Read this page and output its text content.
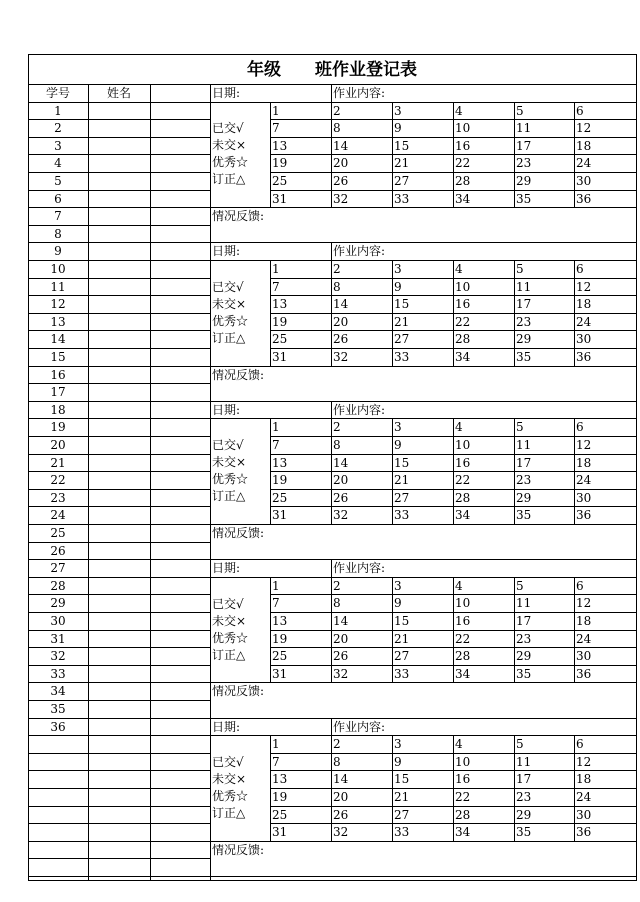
年级　　班作业登记表
学号	姓名
1
2
3
4
5
6
7
8
9
10
11
12
13
14
15
16
17
18
19
20
21
22
23
24
25
26
27
28
29
30
31
32
33
34
35
36
日期:	作业内容:
1	2	3	4	5	6
7	8	9	10	11	12
13	14	15	16	17	18
19	20	21	22	23	24
25	26	27	28	29	30
31	32	33	34	35	36
已交√
未交×
优秀☆
订正△
情况反馈:
日期:	作业内容:
1	2	3	4	5	6
7	8	9	10	11	12
13	14	15	16	17	18
19	20	21	22	23	24
25	26	27	28	29	30
31	32	33	34	35	36
已交√
未交×
优秀☆
订正△
情况反馈:
日期:	作业内容:
1	2	3	4	5	6
7	8	9	10	11	12
13	14	15	16	17	18
19	20	21	22	23	24
25	26	27	28	29	30
31	32	33	34	35	36
已交√
未交×
优秀☆
订正△
情况反馈:
日期:	作业内容:
1	2	3	4	5	6
7	8	9	10	11	12
13	14	15	16	17	18
19	20	21	22	23	24
25	26	27	28	29	30
31	32	33	34	35	36
已交√
未交×
优秀☆
订正△
情况反馈:
日期:	作业内容:
1	2	3	4	5	6
7	8	9	10	11	12
13	14	15	16	17	18
19	20	21	22	23	24
25	26	27	28	29	30
31	32	33	34	35	36
已交√
未交×
优秀☆
订正△
情况反馈:
